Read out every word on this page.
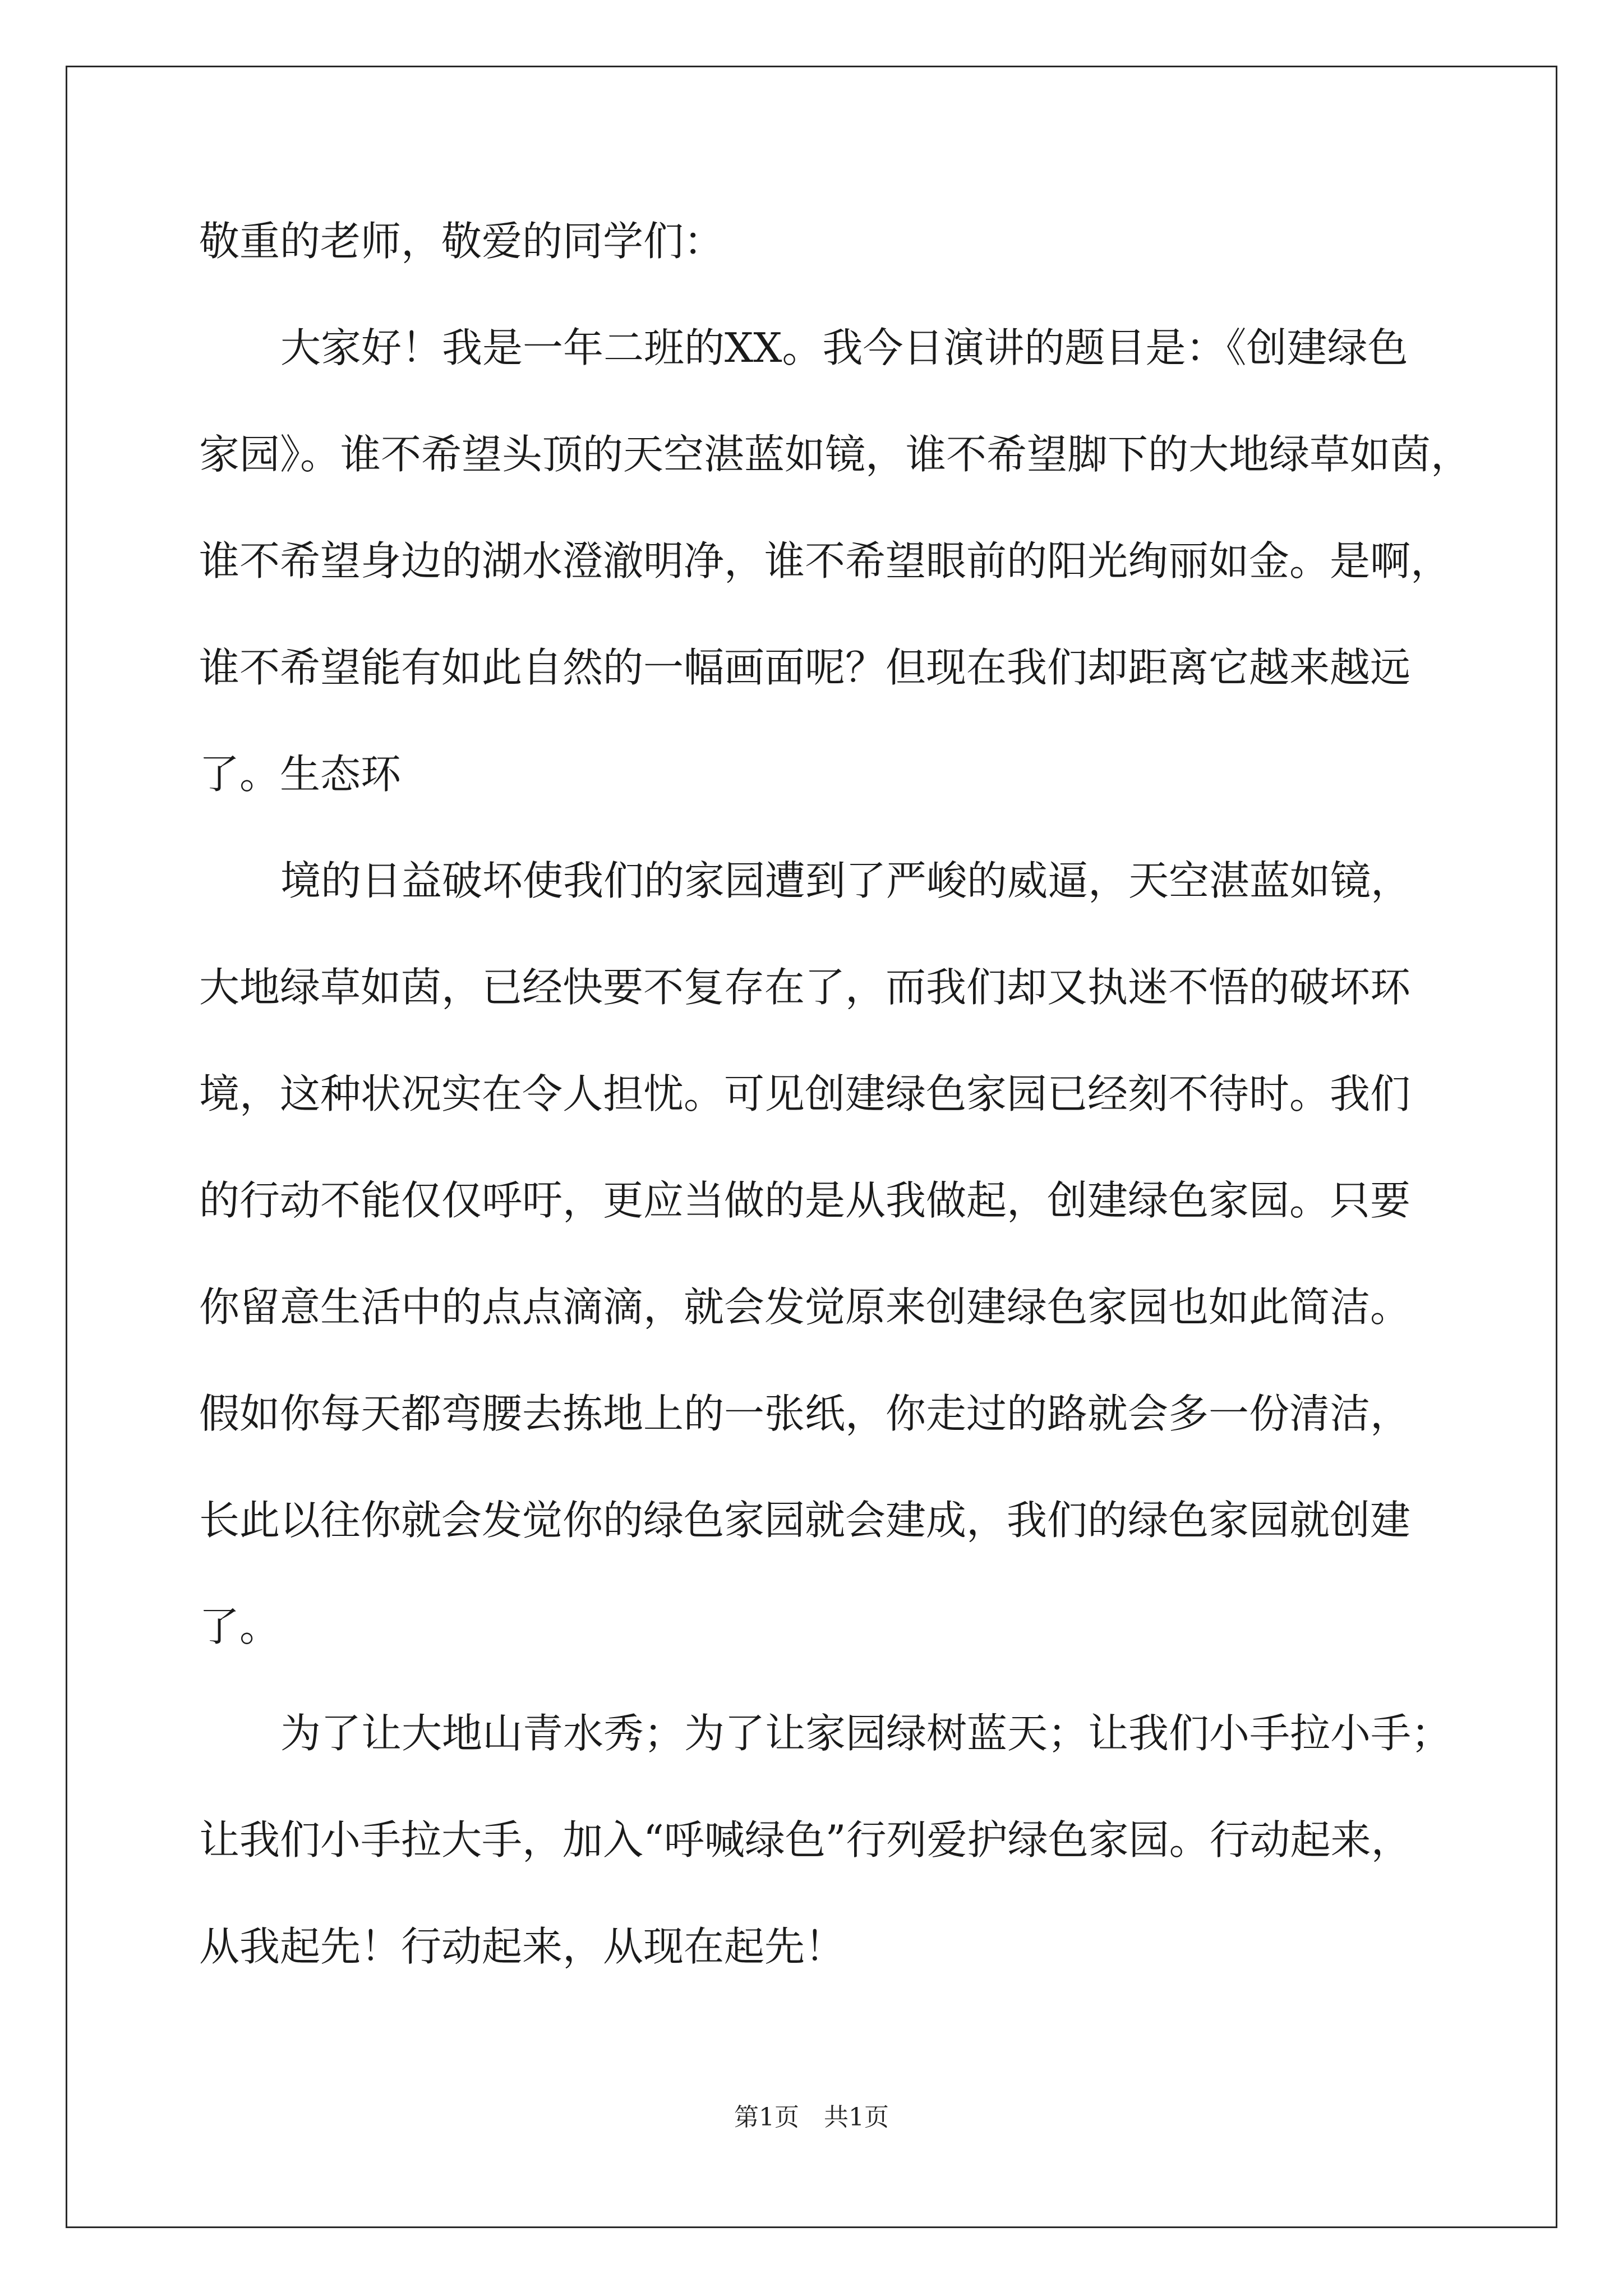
敬重的老师，敬爱的同学们：
大家好！我是一年二班的XX。我今日演讲的题目是：《创建绿色
家园》。谁不希望头顶的天空湛蓝如镜，谁不希望脚下的大地绿草如茵，
谁不希望身边的湖水澄澈明净，谁不希望眼前的阳光绚丽如金。是啊，
谁不希望能有如此自然的一幅画面呢？但现在我们却距离它越来越远
了。生态环
境的日益破坏使我们的家园遭到了严峻的威逼，天空湛蓝如镜，
大地绿草如茵，已经快要不复存在了，而我们却又执迷不悟的破坏环
境，这种状况实在令人担忧。可见创建绿色家园已经刻不待时。我们
的行动不能仅仅呼吁，更应当做的是从我做起，创建绿色家园。只要
你留意生活中的点点滴滴，就会发觉原来创建绿色家园也如此简洁。
假如你每天都弯腰去拣地上的一张纸，你走过的路就会多一份清洁，
长此以往你就会发觉你的绿色家园就会建成，我们的绿色家园就创建
了。
为了让大地山青水秀；为了让家园绿树蓝天；让我们小手拉小手；
让我们小手拉大手，加入“呼喊绿色”行列爱护绿色家园。行动起来，
从我起先！行动起来，从现在起先！
第1页　共1页
